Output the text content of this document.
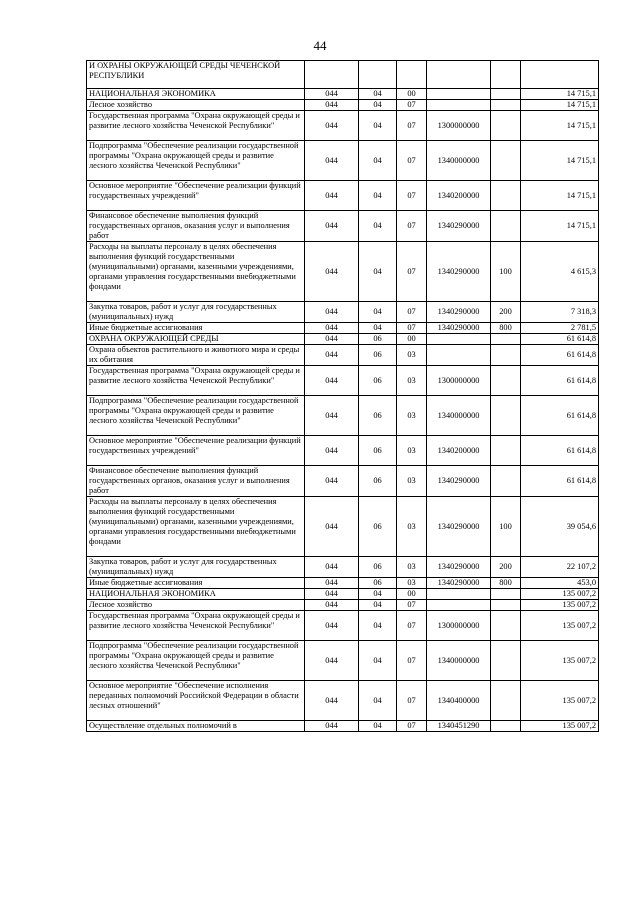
44
И ОХРАНЫ ОКРУЖАЮЩЕЙ СРЕДЫ ЧЕЧЕНСКОЙ РЕСПУБЛИКИ						
НАЦИОНАЛЬНАЯ ЭКОНОМИКА	044	04	00			14 715,1
Лесное хозяйство	044	04	07			14 715,1
Государственная программа "Охрана окружающей среды и развитие лесного хозяйства Чеченской Республики"	044	04	07	1300000000		14 715,1
Подпрограмма "Обеспечение реализации государственной программы "Охрана окружающей среды и развитие лесного хозяйства Чеченской Республики"	044	04	07	1340000000		14 715,1
Основное мероприятие "Обеспечение реализации функций государственных учреждений"	044	04	07	1340200000		14 715,1
Финансовое обеспечение выполнения функций государственных органов, оказания услуг и выполнения работ	044	04	07	1340290000		14 715,1
Расходы на выплаты персоналу в целях обеспечения выполнения функций государственными (муниципальными) органами, казенными учреждениями, органами управления государственными внебюджетными фондами	044	04	07	1340290000	100	4 615,3
Закупка товаров, работ и услуг для государственных (муниципальных) нужд	044	04	07	1340290000	200	7 318,3
Иные бюджетные ассигнования	044	04	07	1340290000	800	2 781,5
ОХРАНА ОКРУЖАЮЩЕЙ СРЕДЫ	044	06	00			61 614,8
Охрана объектов растительного и животного мира и среды их обитания	044	06	03			61 614,8
Государственная программа "Охрана окружающей среды и развитие лесного хозяйства Чеченской Республики"	044	06	03	1300000000		61 614,8
Подпрограмма "Обеспечение реализации государственной программы "Охрана окружающей среды и развитие лесного хозяйства Чеченской Республики"	044	06	03	1340000000		61 614,8
Основное мероприятие "Обеспечение реализации функций государственных учреждений"	044	06	03	1340200000		61 614,8
Финансовое обеспечение выполнения функций государственных органов, оказания услуг и выполнения работ	044	06	03	1340290000		61 614,8
Расходы на выплаты персоналу в целях обеспечения выполнения функций государственными (муниципальными) органами, казенными учреждениями, органами управления государственными внебюджетными фондами	044	06	03	1340290000	100	39 054,6
Закупка товаров, работ и услуг для государственных (муниципальных) нужд	044	06	03	1340290000	200	22 107,2
Иные бюджетные ассигнования	044	06	03	1340290000	800	453,0
НАЦИОНАЛЬНАЯ ЭКОНОМИКА	044	04	00			135 007,2
Лесное хозяйство	044	04	07			135 007,2
Государственная программа "Охрана окружающей среды и развитие лесного хозяйства Чеченской Республики"	044	04	07	1300000000		135 007,2
Подпрограмма "Обеспечение реализации государственной программы "Охрана окружающей среды и развитие лесного хозяйства Чеченской Республики"	044	04	07	1340000000		135 007,2
Основное мероприятие "Обеспечение исполнения переданных полномочий Российской Федерации в области лесных отношений"	044	04	07	1340400000		135 007,2
Осуществление отдельных полномочий в	044	04	07	1340451290		135 007,2
